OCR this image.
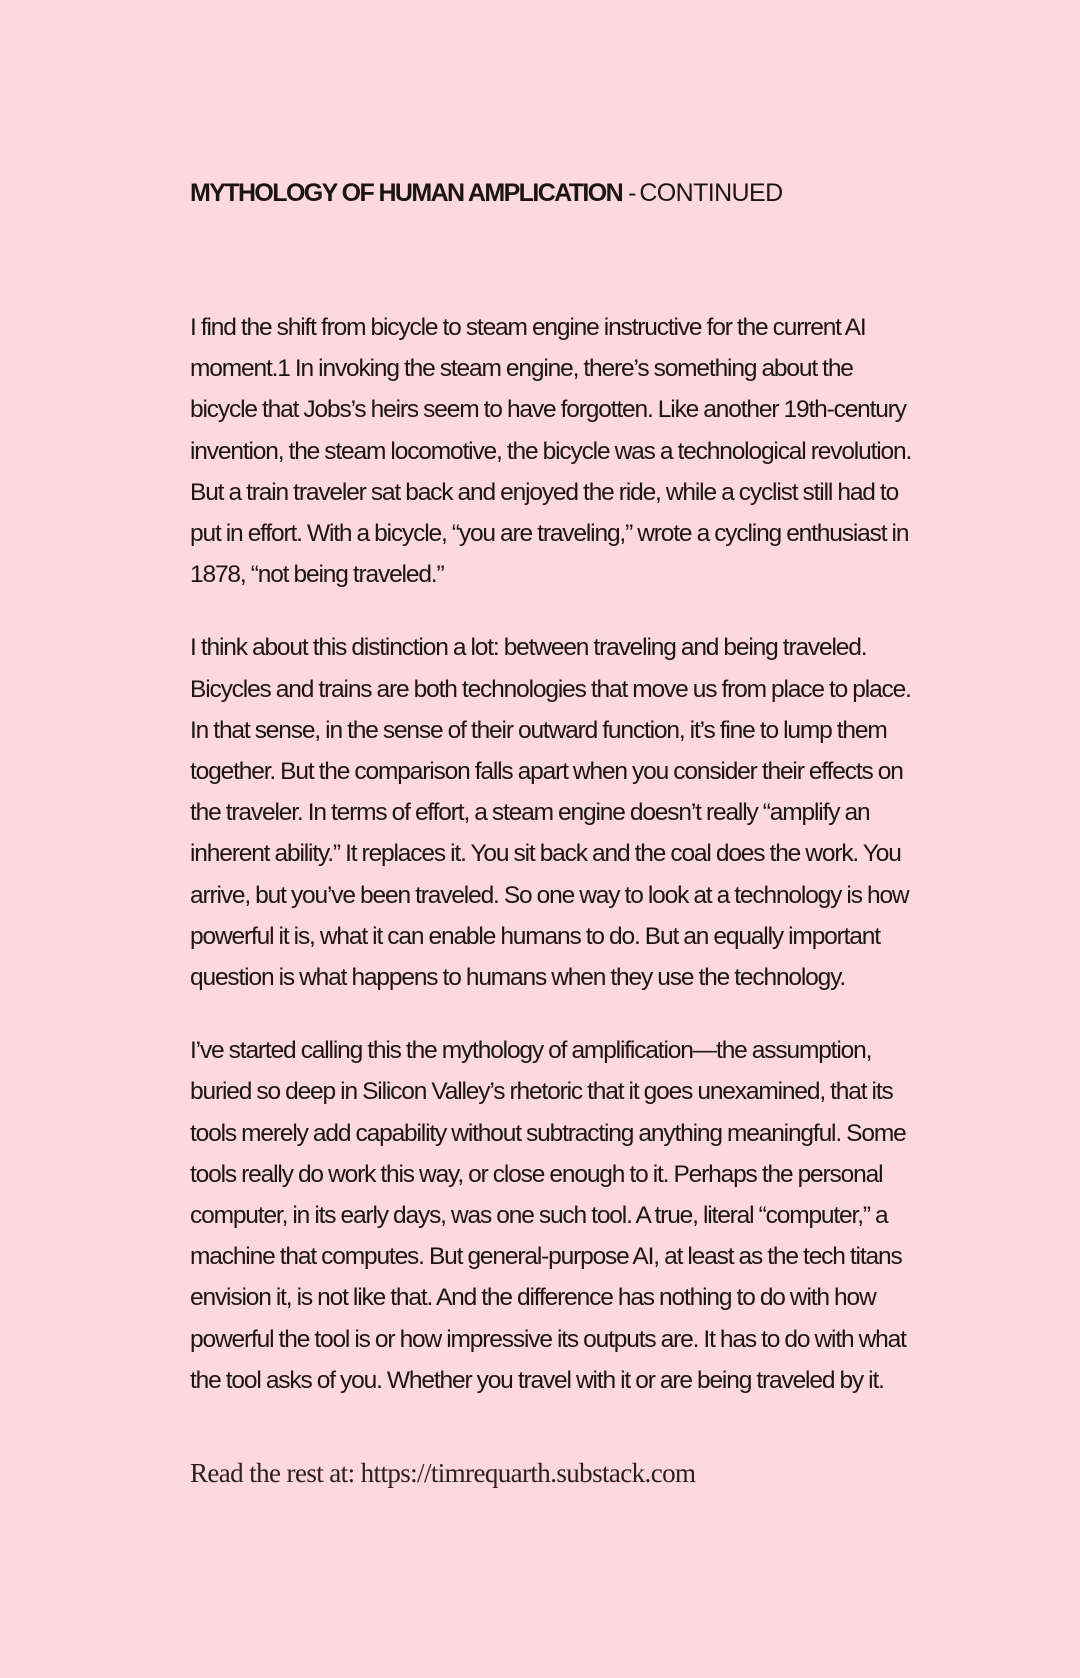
MYTHOLOGY OF HUMAN AMPLICATION - CONTINUED

I find the shift from bicycle to steam engine instructive for the current AI
moment.1 In invoking the steam engine, there’s something about the
bicycle that Jobs’s heirs seem to have forgotten. Like another 19th-century
invention, the steam locomotive, the bicycle was a technological revolution.
But a train traveler sat back and enjoyed the ride, while a cyclist still had to
put in effort. With a bicycle, “you are traveling,” wrote a cycling enthusiast in
1878, “not being traveled.”

I think about this distinction a lot: between traveling and being traveled.
Bicycles and trains are both technologies that move us from place to place.
In that sense, in the sense of their outward function, it’s fine to lump them
together. But the comparison falls apart when you consider their effects on
the traveler. In terms of effort, a steam engine doesn’t really “amplify an
inherent ability.” It replaces it. You sit back and the coal does the work. You
arrive, but you’ve been traveled. So one way to look at a technology is how
powerful it is, what it can enable humans to do. But an equally important
question is what happens to humans when they use the technology.

I’ve started calling this the mythology of amplification—the assumption,
buried so deep in Silicon Valley’s rhetoric that it goes unexamined, that its
tools merely add capability without subtracting anything meaningful. Some
tools really do work this way, or close enough to it. Perhaps the personal
computer, in its early days, was one such tool. A true, literal “computer,” a
machine that computes. But general-purpose AI, at least as the tech titans
envision it, is not like that. And the difference has nothing to do with how
powerful the tool is or how impressive its outputs are. It has to do with what
the tool asks of you. Whether you travel with it or are being traveled by it.

Read the rest at: https://timrequarth.substack.com
